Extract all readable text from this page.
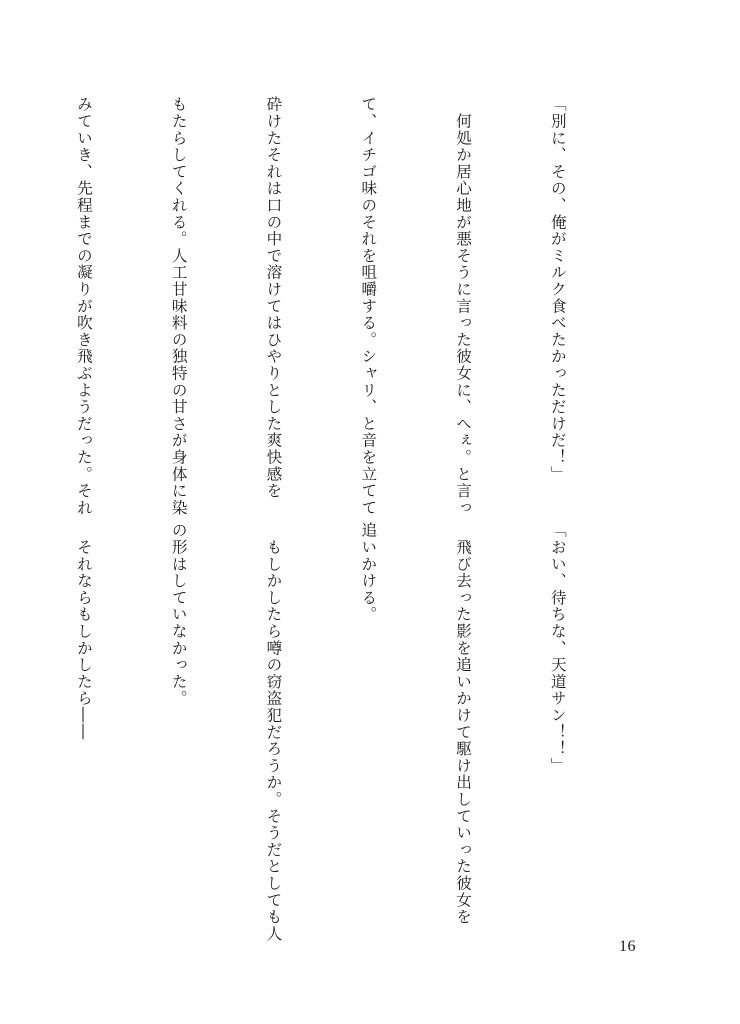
「別に、その、俺がミルク食べたかっただけだ！」

　何処か居心地が悪そうに言った彼女に、へぇ。と言っ

て、イチゴ味のそれを咀嚼する。シャリ、と音を立てて

砕けたそれは口の中で溶けてはひやりとした爽快感を

もたらしてくれる。人工甘味料の独特の甘さが身体に染

みていき、先程までの凝りが吹き飛ぶようだった。それ

「おい、待ちな、天道サン！！」

　飛び去った影を追いかけて駆け出していった彼女を

追いかける。

　もしかしたら噂の窃盗犯だろうか。そうだとしても人

の形はしていなかった。

　それならもしかしたら――

16
